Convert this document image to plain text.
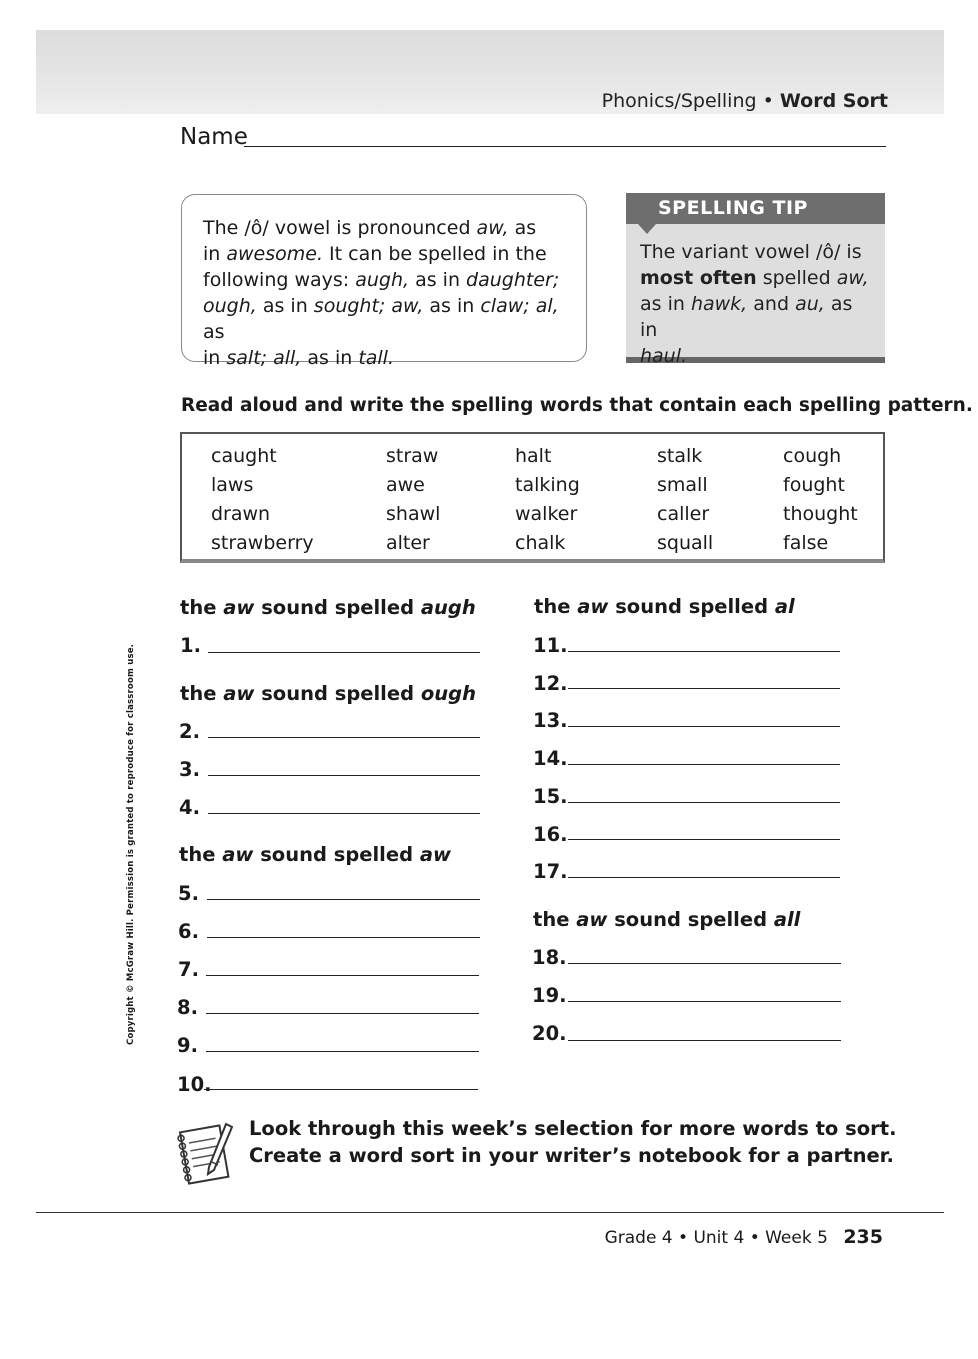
Phonics/Spelling • Word Sort
Name
The /ô/ vowel is pronounced aw, as
in awesome. It can be spelled in the
following ways: augh, as in daughter;
ough, as in sought; aw, as in claw; al, as
in salt; all, as in tall.
SPELLING TIP
The variant vowel /ô/ is
most often spelled aw,
as in hawk, and au, as in
haul.
Read aloud and write the spelling words that contain each spelling pattern.
caught
laws
drawn
strawberry
straw
awe
shawl
alter
halt
talking
walker
chalk
stalk
small
caller
squall
cough
fought
thought
false
the aw sound spelled augh
the aw sound spelled ough
the aw sound spelled aw
the aw sound spelled al
the aw sound spelled all
1.
2.
3.
4.
5.
6.
7.
8.
9.
10.
11.
12.
13.
14.
15.
16.
17.
18.
19.
20.
Look through this week’s selection for more words to sort.
Create a word sort in your writer’s notebook for a partner.
Grade 4 • Unit 4 • Week 5 235
Copyright © McGraw Hill. Permission is granted to reproduce for classroom use.
